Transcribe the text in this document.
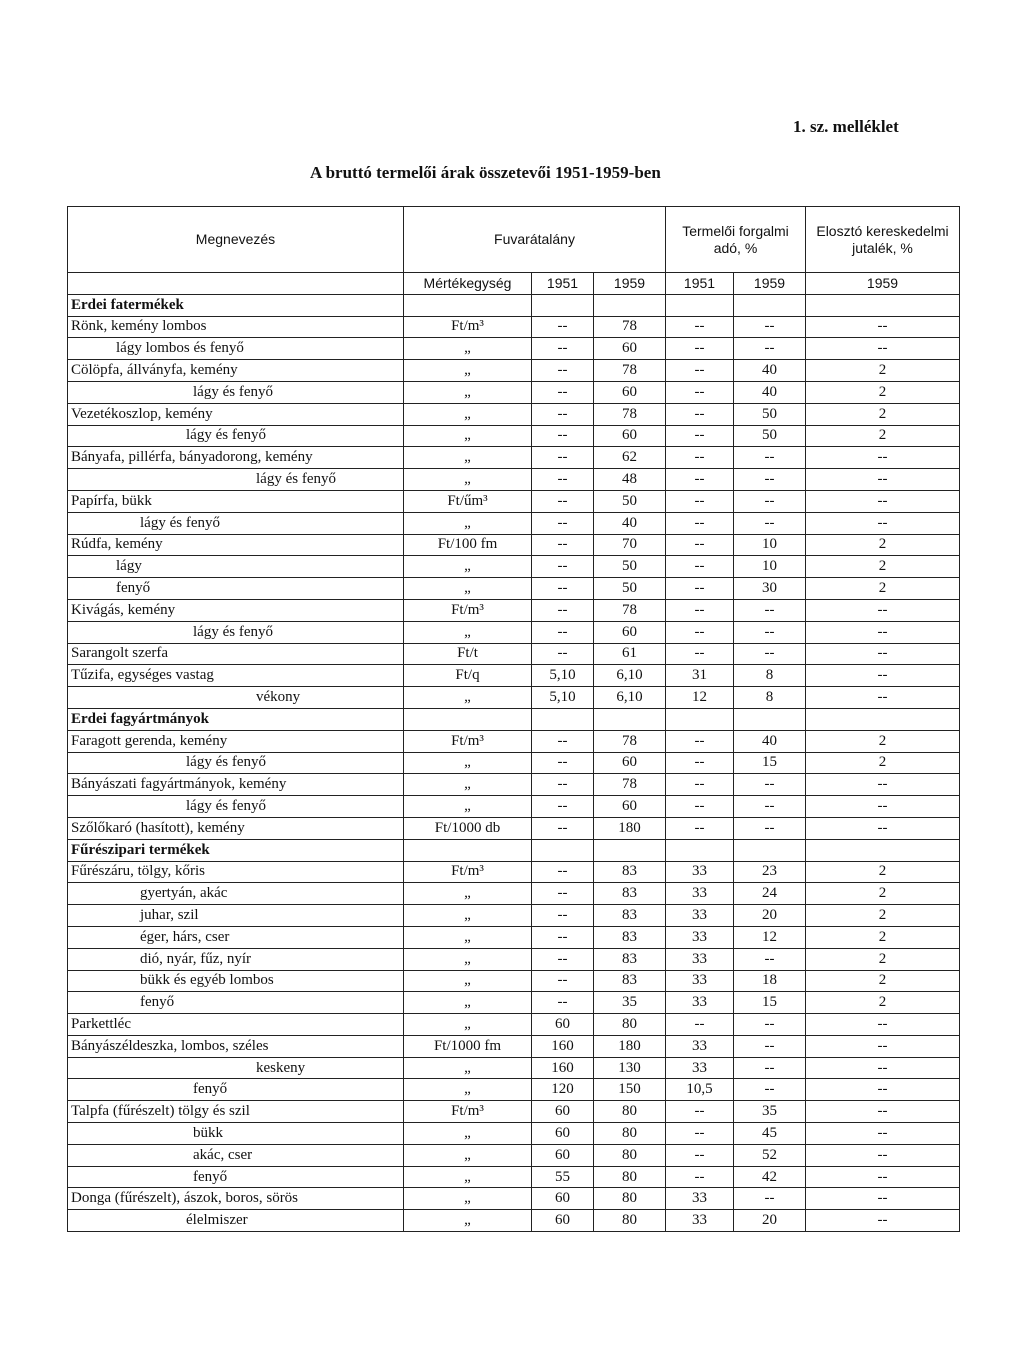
1. sz. melléklet
A bruttó termelői árak összetevői 1951-1959-ben
Megnevezés	Fuvarátalány			Termelői forgalmi adó, %		Elosztó kereskedelmi jutalék, %
	Mértékegység	1951	1959	1951	1959	1959
Erdei fatermékek						
Rönk, kemény lombos	Ft/m³	--	78	--	--	--
lágy lombos és fenyő	„	--	60	--	--	--
Cölöpfa, állványfa, kemény	„	--	78	--	40	2
lágy és fenyő	„	--	60	--	40	2
Vezetékoszlop, kemény	„	--	78	--	50	2
lágy és fenyő	„	--	60	--	50	2
Bányafa, pillérfa, bányadorong, kemény	„	--	62	--	--	--
lágy és fenyő	„	--	48	--	--	--
Papírfa, bükk	Ft/űm³	--	50	--	--	--
lágy és fenyő	„	--	40	--	--	--
Rúdfa, kemény	Ft/100 fm	--	70	--	10	2
lágy	„	--	50	--	10	2
fenyő	„	--	50	--	30	2
Kivágás, kemény	Ft/m³	--	78	--	--	--
lágy és fenyő	„	--	60	--	--	--
Sarangolt szerfa	Ft/t	--	61	--	--	--
Tűzifa, egységes vastag	Ft/q	5,10	6,10	31	8	--
vékony	„	5,10	6,10	12	8	--
Erdei fagyártmányok						
Faragott gerenda, kemény	Ft/m³	--	78	--	40	2
lágy és fenyő	„	--	60	--	15	2
Bányászati fagyártmányok, kemény	„	--	78	--	--	--
lágy és fenyő	„	--	60	--	--	--
Szőlőkaró (hasított), kemény	Ft/1000 db	--	180	--	--	--
Fűrészipari termékek						
Fűrészáru, tölgy, kőris	Ft/m³	--	83	33	23	2
gyertyán, akác	„	--	83	33	24	2
juhar, szil	„	--	83	33	20	2
éger, hárs, cser	„	--	83	33	12	2
dió, nyár, fűz, nyír	„	--	83	33	--	2
bükk és egyéb lombos	„	--	83	33	18	2
fenyő	„	--	35	33	15	2
Parkettléc	„	60	80	--	--	--
Bányászéldeszka, lombos, széles	Ft/1000 fm	160	180	33	--	--
keskeny	„	160	130	33	--	--
fenyő	„	120	150	10,5	--	--
Talpfa (fűrészelt) tölgy és szil	Ft/m³	60	80	--	35	--
bükk	„	60	80	--	45	--
akác, cser	„	60	80	--	52	--
fenyő	„	55	80	--	42	--
Donga (fűrészelt), ászok, boros, sörös	„	60	80	33	--	--
élelmiszer	„	60	80	33	20	--
